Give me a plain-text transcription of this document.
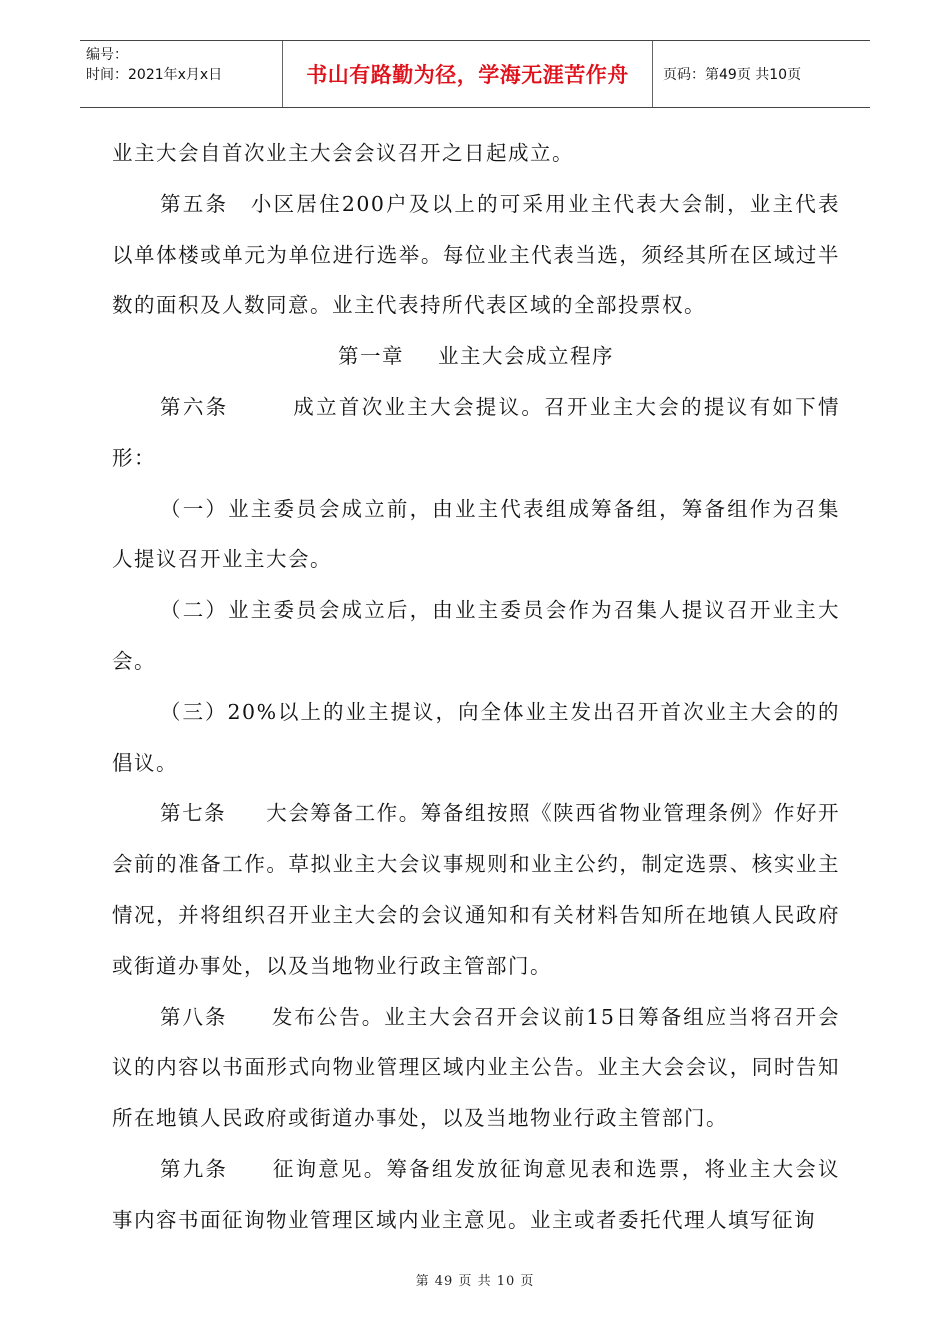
编号：
时间：2021年x月x日	书山有路勤为径，学海无涯苦作舟	页码：第49页 共10页

业主大会自首次业主大会会议召开之日起成立。

第五条 小区居住200户及以上的可采用业主代表大会制，业主代表以单体楼或单元为单位进行选举。每位业主代表当选，须经其所在区域过半数的面积及人数同意。业主代表持所代表区域的全部投票权。

第一章 业主大会成立程序

第六条	成立首次业主大会提议。召开业主大会的提议有如下情形：

（一）业主委员会成立前，由业主代表组成筹备组，筹备组作为召集人提议召开业主大会。

（二）业主委员会成立后，由业主委员会作为召集人提议召开业主大会。

（三）20%以上的业主提议，向全体业主发出召开首次业主大会的的倡议。

第七条 大会筹备工作。筹备组按照《陕西省物业管理条例》作好开会前的准备工作。草拟业主大会议事规则和业主公约，制定选票、核实业主情况，并将组织召开业主大会的会议通知和有关材料告知所在地镇人民政府或街道办事处，以及当地物业行政主管部门。

第八条 发布公告。业主大会召开会议前15日筹备组应当将召开会议的内容以书面形式向物业管理区域内业主公告。业主大会会议，同时告知所在地镇人民政府或街道办事处，以及当地物业行政主管部门。

第九条 征询意见。筹备组发放征询意见表和选票，将业主大会议事内容书面征询物业管理区域内业主意见。业主或者委托代理人填写征询

第 49 页 共 10 页
